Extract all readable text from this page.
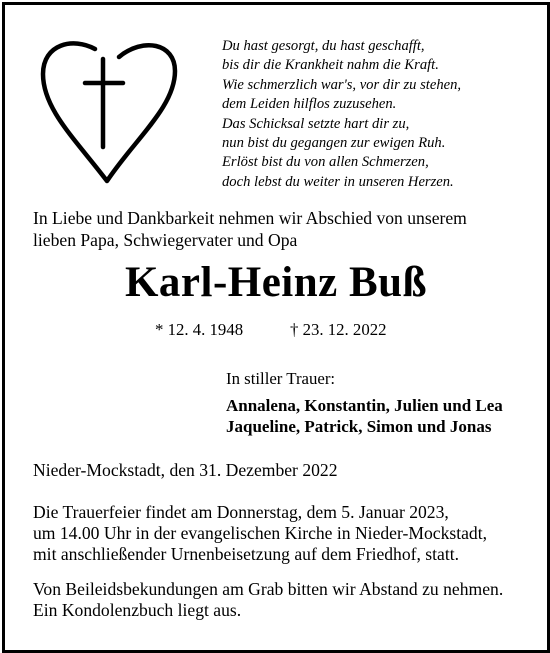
Du hast gesorgt, du hast geschafft,
bis dir die Krankheit nahm die Kraft.
Wie schmerzlich war's, vor dir zu stehen,
dem Leiden hilflos zuzusehen.
Das Schicksal setzte hart dir zu,
nun bist du gegangen zur ewigen Ruh.
Erlöst bist du von allen Schmerzen,
doch lebst du weiter in unseren Herzen.
In Liebe und Dankbarkeit nehmen wir Abschied von unserem
lieben Papa, Schwiegervater und Opa
Karl-Heinz Buß
* 12. 4. 1948	† 23. 12. 2022
In stiller Trauer:
Annalena, Konstantin, Julien und Lea
Jaqueline, Patrick, Simon und Jonas
Nieder-Mockstadt, den 31. Dezember 2022
Die Trauerfeier findet am Donnerstag, dem 5. Januar 2023,
um 14.00 Uhr in der evangelischen Kirche in Nieder-Mockstadt,
mit anschließender Urnenbeisetzung auf dem Friedhof, statt.
Von Beileidsbekundungen am Grab bitten wir Abstand zu nehmen.
Ein Kondolenzbuch liegt aus.
